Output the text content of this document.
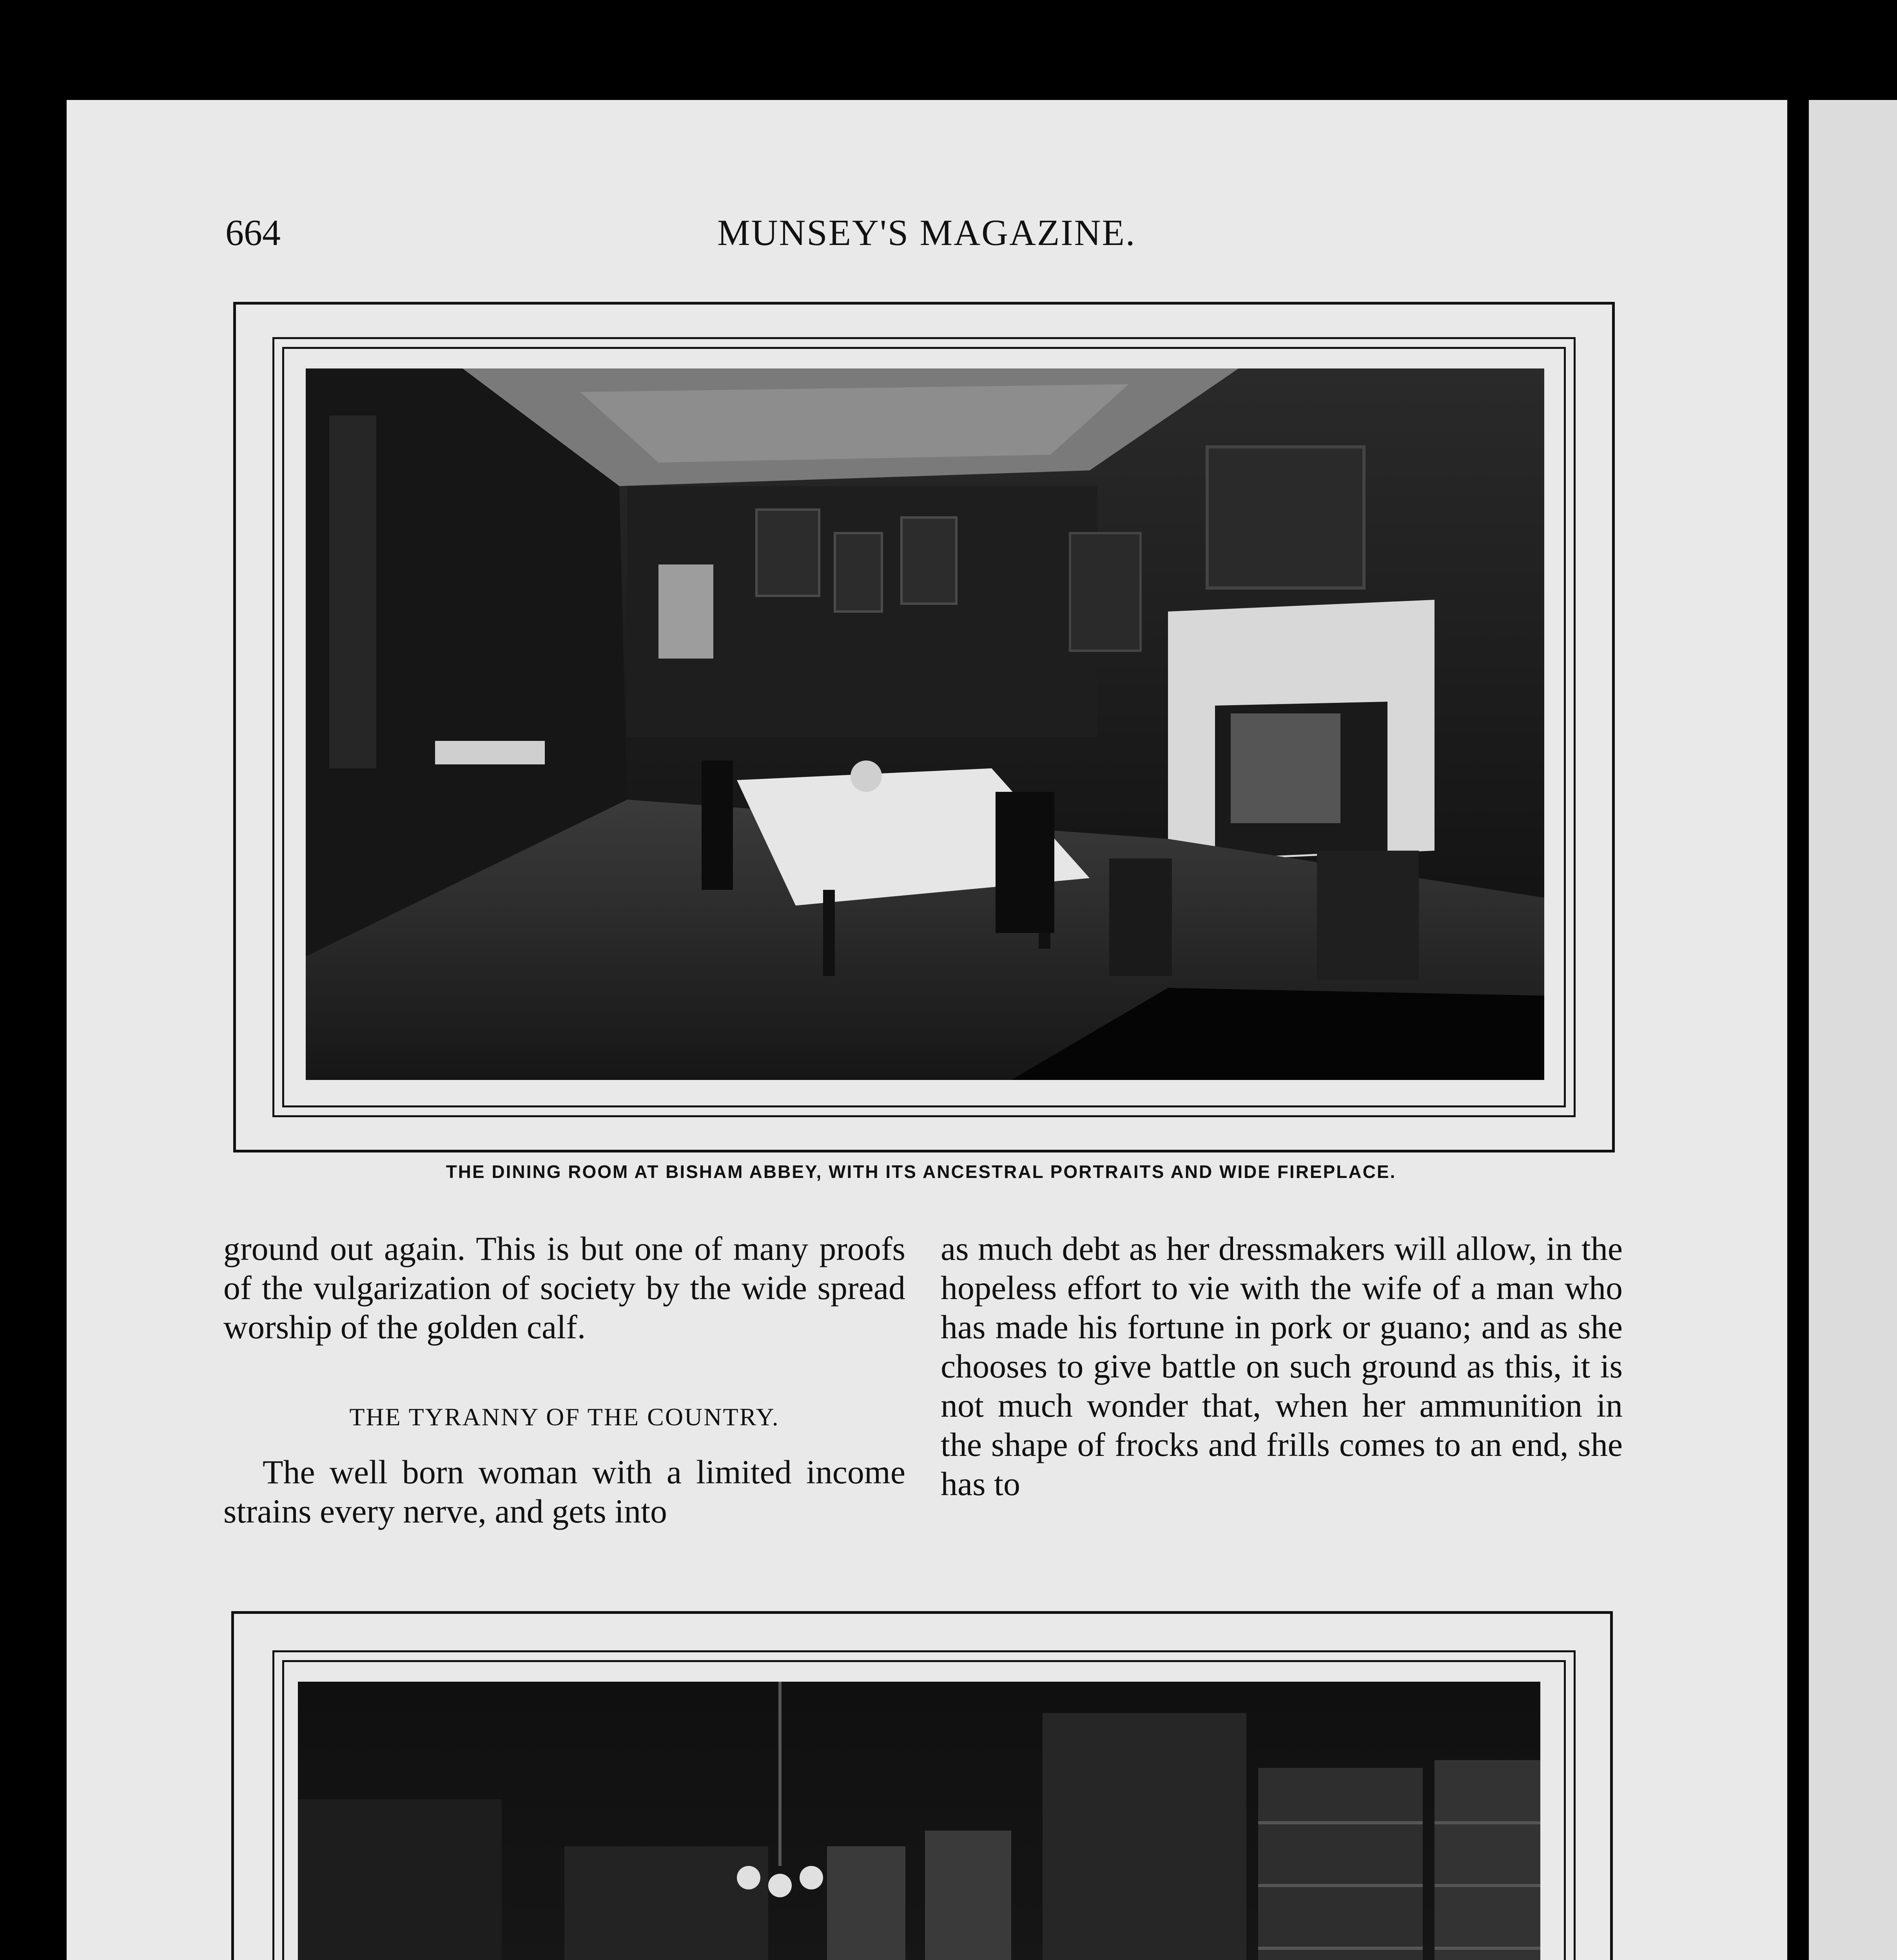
664	MUNSEY'S MAGAZINE.
THE DINING ROOM AT BISHAM ABBEY, WITH ITS ANCESTRAL PORTRAITS AND WIDE FIREPLACE.

ground out again. This is but one of many proofs of the vulgarization of society by the wide spread worship of the golden calf.

THE TYRANNY OF THE COUNTRY.

The well born woman with a limited income strains every nerve, and gets into

as much debt as her dressmakers will allow, in the hopeless effort to vie with the wife of a man who has made his fortune in pork or guano; and as she chooses to give battle on such ground as this, it is not much wonder that, when her ammunition in the shape of frocks and frills comes to an end, she has to
